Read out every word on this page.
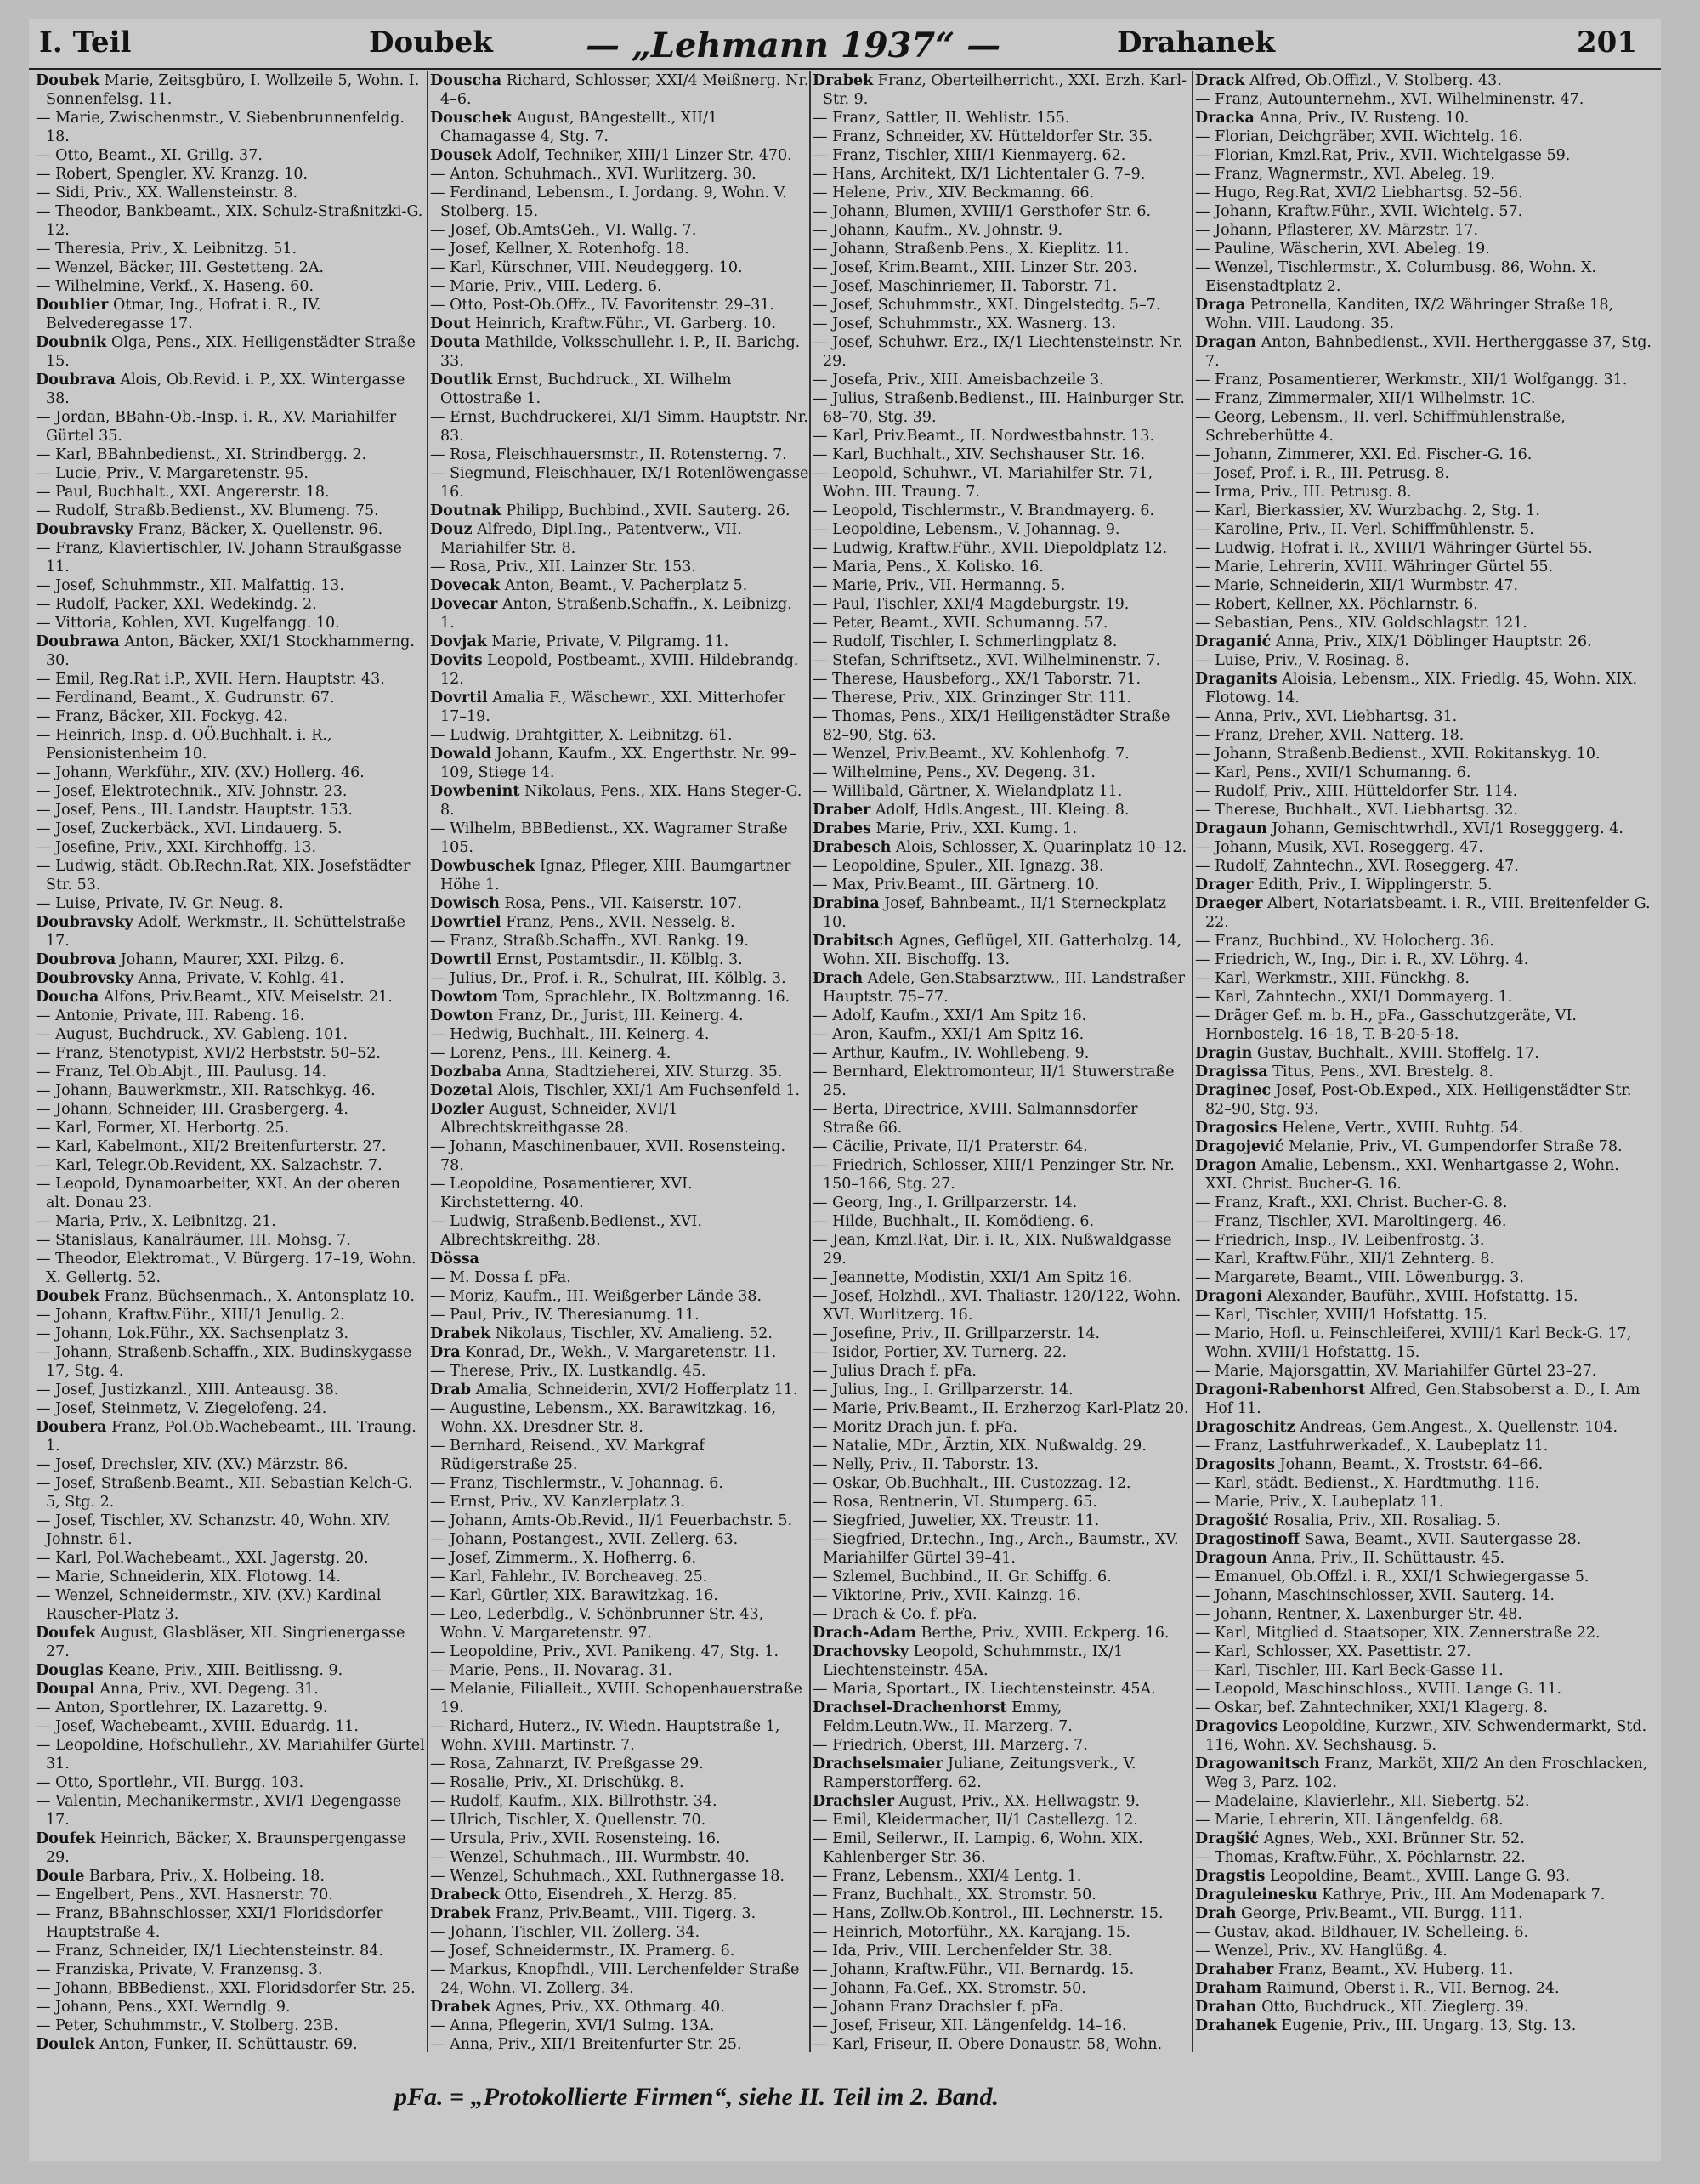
I. Teil	Doubek	— „Lehmann 1937“ —	Drahanek	201

Doubek Marie, Zeitsgbüro, I. Wollzeile 5, Wohn. I. Sonnenfelsg. 11.

— Marie, Zwischenmstr., V. Siebenbrunnenfeldg. 18.

— Otto, Beamt., XI. Grillg. 37.

— Robert, Spengler, XV. Kranzg. 10.

— Sidi, Priv., XX. Wallensteinstr. 8.

— Theodor, Bankbeamt., XIX. Schulz-Straßnitzki-G. 12.

— Theresia, Priv., X. Leibnitzg. 51.

— Wenzel, Bäcker, III. Gestetteng. 2A.

— Wilhelmine, Verkf., X. Haseng. 60.

Doublier Otmar, Ing., Hofrat i. R., IV. Belvederegasse 17.

Doubnik Olga, Pens., XIX. Heiligenstädter Straße 15.

Doubrava Alois, Ob.Revid. i. P., XX. Wintergasse 38.

— Jordan, BBahn-Ob.-Insp. i. R., XV. Mariahilfer Gürtel 35.

— Karl, BBahnbedienst., XI. Strindbergg. 2.

— Lucie, Priv., V. Margaretenstr. 95.

— Paul, Buchhalt., XXI. Angererstr. 18.

— Rudolf, Straßb.Bedienst., XV. Blumeng. 75.

Doubravsky Franz, Bäcker, X. Quellenstr. 96.

— Franz, Klaviertischler, IV. Johann Straußgasse 11.

— Josef, Schuhmmstr., XII. Malfattig. 13.

— Rudolf, Packer, XXI. Wedekindg. 2.

— Vittoria, Kohlen, XVI. Kugelfangg. 10.

Doubrawa Anton, Bäcker, XXI/1 Stockhammerng. 30.

— Emil, Reg.Rat i.P., XVII. Hern. Hauptstr. 43.

— Ferdinand, Beamt., X. Gudrunstr. 67.

— Franz, Bäcker, XII. Fockyg. 42.

— Heinrich, Insp. d. OÖ.Buchhalt. i. R., Pensionistenheim 10.

— Johann, Werkführ., XIV. (XV.) Hollerg. 46.

— Josef, Elektrotechnik., XIV. Johnstr. 23.

— Josef, Pens., III. Landstr. Hauptstr. 153.

— Josef, Zuckerbäck., XVI. Lindauerg. 5.

— Josefine, Priv., XXI. Kirchhoffg. 13.

— Ludwig, städt. Ob.Rechn.Rat, XIX. Josefstädter Str. 53.

— Luise, Private, IV. Gr. Neug. 8.

Doubravsky Adolf, Werkmstr., II. Schüttelstraße 17.

Doubrova Johann, Maurer, XXI. Pilzg. 6.

Doubrovsky Anna, Private, V. Kohlg. 41.

Doucha Alfons, Priv.Beamt., XIV. Meiselstr. 21.

— Antonie, Private, III. Rabeng. 16.

— August, Buchdruck., XV. Gableng. 101.

— Franz, Stenotypist, XVI/2 Herbststr. 50–52.

— Franz, Tel.Ob.Abjt., III. Paulusg. 14.

— Johann, Bauwerkmstr., XII. Ratschkyg. 46.

— Johann, Schneider, III. Grasbergerg. 4.

— Karl, Former, XI. Herbortg. 25.

— Karl, Kabelmont., XII/2 Breitenfurterstr. 27.

— Karl, Telegr.Ob.Revident, XX. Salzachstr. 7.

— Leopold, Dynamoarbeiter, XXI. An der oberen alt. Donau 23.

— Maria, Priv., X. Leibnitzg. 21.

— Stanislaus, Kanalräumer, III. Mohsg. 7.

— Theodor, Elektromat., V. Bürgerg. 17–19, Wohn. X. Gellertg. 52.

Doubek Franz, Büchsenmach., X. Antonsplatz 10.

— Johann, Kraftw.Führ., XIII/1 Jenullg. 2.

— Johann, Lok.Führ., XX. Sachsenplatz 3.

— Johann, Straßenb.Schaffn., XIX. Budinskygasse 17, Stg. 4.

— Josef, Justizkanzl., XIII. Anteausg. 38.

— Josef, Steinmetz, V. Ziegelofeng. 24.

Doubera Franz, Pol.Ob.Wachebeamt., III. Traung. 1.

— Josef, Drechsler, XIV. (XV.) Märzstr. 86.

— Josef, Straßenb.Beamt., XII. Sebastian Kelch-G. 5, Stg. 2.

— Josef, Tischler, XV. Schanzstr. 40, Wohn. XIV. Johnstr. 61.

— Karl, Pol.Wachebeamt., XXI. Jagerstg. 20.

— Marie, Schneiderin, XIX. Flotowg. 14.

— Wenzel, Schneidermstr., XIV. (XV.) Kardinal Rauscher-Platz 3.

Doufek August, Glasbläser, XII. Singrienergasse 27.

Douglas Keane, Priv., XIII. Beitlissng. 9.

Doupal Anna, Priv., XVI. Degeng. 31.

— Anton, Sportlehrer, IX. Lazarettg. 9.

— Josef, Wachebeamt., XVIII. Eduardg. 11.

— Leopoldine, Hofschullehr., XV. Mariahilfer Gürtel 31.

— Otto, Sportlehr., VII. Burgg. 103.

— Valentin, Mechanikermstr., XVI/1 Degengasse 17.

Doufek Heinrich, Bäcker, X. Braunspergengasse 29.

Doule Barbara, Priv., X. Holbeing. 18.

— Engelbert, Pens., XVI. Hasnerstr. 70.

— Franz, BBahnschlosser, XXI/1 Floridsdorfer Hauptstraße 4.

— Franz, Schneider, IX/1 Liechtensteinstr. 84.

— Franziska, Private, V. Franzensg. 3.

— Johann, BBBedienst., XXI. Floridsdorfer Str. 25.

— Johann, Pens., XXI. Werndlg. 9.

— Peter, Schuhmmstr., V. Stolberg. 23B.

Doulek Anton, Funker, II. Schüttaustr. 69.

Douscha Richard, Schlosser, XXI/4 Meißnerg. Nr. 4–6.

Douschek August, BAngestellt., XII/1 Chamagasse 4, Stg. 7.

Dousek Adolf, Techniker, XIII/1 Linzer Str. 470.

— Anton, Schuhmach., XVI. Wurlitzerg. 30.

— Ferdinand, Lebensm., I. Jordang. 9, Wohn. V. Stolberg. 15.

— Josef, Ob.AmtsGeh., VI. Wallg. 7.

— Josef, Kellner, X. Rotenhofg. 18.

— Karl, Kürschner, VIII. Neudeggerg. 10.

— Marie, Priv., VIII. Lederg. 6.

— Otto, Post-Ob.Offz., IV. Favoritenstr. 29–31.

Dout Heinrich, Kraftw.Führ., VI. Garberg. 10.

Douta Mathilde, Volksschullehr. i. P., II. Barichg. 33.

Doutlik Ernst, Buchdruck., XI. Wilhelm Ottostraße 1.

— Ernst, Buchdruckerei, XI/1 Simm. Hauptstr. Nr. 83.

— Rosa, Fleischhauersmstr., II. Rotensterng. 7.

— Siegmund, Fleischhauer, IX/1 Rotenlöwengasse 16.

Doutnak Philipp, Buchbind., XVII. Sauterg. 26.

Douz Alfredo, Dipl.Ing., Patentverw., VII. Mariahilfer Str. 8.

— Rosa, Priv., XII. Lainzer Str. 153.

Dovecak Anton, Beamt., V. Pacherplatz 5.

Dovecar Anton, Straßenb.Schaffn., X. Leibnizg. 1.

Dovjak Marie, Private, V. Pilgramg. 11.

Dovits Leopold, Postbeamt., XVIII. Hildebrandg. 12.

Dovrtil Amalia F., Wäschewr., XXI. Mitterhofer 17–19.

— Ludwig, Drahtgitter, X. Leibnitzg. 61.

Dowald Johann, Kaufm., XX. Engerthstr. Nr. 99–109, Stiege 14.

Dowbenint Nikolaus, Pens., XIX. Hans Steger-G. 8.

— Wilhelm, BBBedienst., XX. Wagramer Straße 105.

Dowbuschek Ignaz, Pfleger, XIII. Baumgartner Höhe 1.

Dowisch Rosa, Pens., VII. Kaiserstr. 107.

Dowrtiel Franz, Pens., XVII. Nesselg. 8.

— Franz, Straßb.Schaffn., XVI. Rankg. 19.

Dowrtil Ernst, Postamtsdir., II. Kölblg. 3.

— Julius, Dr., Prof. i. R., Schulrat, III. Kölblg. 3.

Dowtom Tom, Sprachlehr., IX. Boltzmanng. 16.

Dowton Franz, Dr., Jurist, III. Keinerg. 4.

— Hedwig, Buchhalt., III. Keinerg. 4.

— Lorenz, Pens., III. Keinerg. 4.

Dozbaba Anna, Stadtzieherei, XIV. Sturzg. 35.

Dozetal Alois, Tischler, XXI/1 Am Fuchsenfeld 1.

Dozler August, Schneider, XVI/1 Albrechtskreithgasse 28.

— Johann, Maschinenbauer, XVII. Rosensteing. 78.

— Leopoldine, Posamentierer, XVI. Kirchstetterng. 40.

— Ludwig, Straßenb.Bedienst., XVI. Albrechtskreithg. 28.

Dössa

— M. Dossa f. pFa.

— Moriz, Kaufm., III. Weißgerber Lände 38.

— Paul, Priv., IV. Theresianumg. 11.

Drabek Nikolaus, Tischler, XV. Amalieng. 52.

Dra Konrad, Dr., Wekh., V. Margaretenstr. 11.

— Therese, Priv., IX. Lustkandlg. 45.

Drab Amalia, Schneiderin, XVI/2 Hofferplatz 11.

— Augustine, Lebensm., XX. Barawitzkag. 16, Wohn. XX. Dresdner Str. 8.

— Bernhard, Reisend., XV. Markgraf Rüdigerstraße 25.

— Franz, Tischlermstr., V. Johannag. 6.

— Ernst, Priv., XV. Kanzlerplatz 3.

— Johann, Amts-Ob.Revid., II/1 Feuerbachstr. 5.

— Johann, Postangest., XVII. Zellerg. 63.

— Josef, Zimmerm., X. Hofherrg. 6.

— Karl, Fahlehr., IV. Borcheaveg. 25.

— Karl, Gürtler, XIX. Barawitzkag. 16.

— Leo, Lederbdlg., V. Schönbrunner Str. 43, Wohn. V. Margaretenstr. 97.

— Leopoldine, Priv., XVI. Panikeng. 47, Stg. 1.

— Marie, Pens., II. Novarag. 31.

— Melanie, Filialleit., XVIII. Schopenhauerstraße 19.

— Richard, Huterz., IV. Wiedn. Hauptstraße 1, Wohn. XVIII. Martinstr. 7.

— Rosa, Zahnarzt, IV. Preßgasse 29.

— Rosalie, Priv., XI. Drischükg. 8.

— Rudolf, Kaufm., XIX. Billrothstr. 34.

— Ulrich, Tischler, X. Quellenstr. 70.

— Ursula, Priv., XVII. Rosensteing. 16.

— Wenzel, Schuhmach., III. Wurmbstr. 40.

— Wenzel, Schuhmach., XXI. Ruthnergasse 18.

Drabeck Otto, Eisendreh., X. Herzg. 85.

Drabek Franz, Priv.Beamt., VIII. Tigerg. 3.

— Johann, Tischler, VII. Zollerg. 34.

— Josef, Schneidermstr., IX. Pramerg. 6.

— Markus, Knopfhdl., VIII. Lerchenfelder Straße 24, Wohn. VI. Zollerg. 34.

Drabek Agnes, Priv., XX. Othmarg. 40.

— Anna, Pflegerin, XVI/1 Sulmg. 13A.

— Anna, Priv., XII/1 Breitenfurter Str. 25.

Drabek Franz, Oberteilherricht., XXI. Erzh. Karl-Str. 9.

— Franz, Sattler, II. Wehlistr. 155.

— Franz, Schneider, XV. Hütteldorfer Str. 35.

— Franz, Tischler, XIII/1 Kienmayerg. 62.

— Hans, Architekt, IX/1 Lichtentaler G. 7–9.

— Helene, Priv., XIV. Beckmanng. 66.

— Johann, Blumen, XVIII/1 Gersthofer Str. 6.

— Johann, Kaufm., XV. Johnstr. 9.

— Johann, Straßenb.Pens., X. Kieplitz. 11.

— Josef, Krim.Beamt., XIII. Linzer Str. 203.

— Josef, Maschinriemer, II. Taborstr. 71.

— Josef, Schuhmmstr., XXI. Dingelstedtg. 5–7.

— Josef, Schuhmmstr., XX. Wasnerg. 13.

— Josef, Schuhwr. Erz., IX/1 Liechtensteinstr. Nr. 29.

— Josefa, Priv., XIII. Ameisbachzeile 3.

— Julius, Straßenb.Bedienst., III. Hainburger Str. 68–70, Stg. 39.

— Karl, Priv.Beamt., II. Nordwestbahnstr. 13.

— Karl, Buchhalt., XIV. Sechshauser Str. 16.

— Leopold, Schuhwr., VI. Mariahilfer Str. 71, Wohn. III. Traung. 7.

— Leopold, Tischlermstr., V. Brandmayerg. 6.

— Leopoldine, Lebensm., V. Johannag. 9.

— Ludwig, Kraftw.Führ., XVII. Diepoldplatz 12.

— Maria, Pens., X. Kolisko. 16.

— Marie, Priv., VII. Hermanng. 5.

— Paul, Tischler, XXI/4 Magdeburgstr. 19.

— Peter, Beamt., XVII. Schumanng. 57.

— Rudolf, Tischler, I. Schmerlingplatz 8.

— Stefan, Schriftsetz., XVI. Wilhelminenstr. 7.

— Therese, Hausbeforg., XX/1 Taborstr. 71.

— Therese, Priv., XIX. Grinzinger Str. 111.

— Thomas, Pens., XIX/1 Heiligenstädter Straße 82–90, Stg. 63.

— Wenzel, Priv.Beamt., XV. Kohlenhofg. 7.

— Wilhelmine, Pens., XV. Degeng. 31.

— Willibald, Gärtner, X. Wielandplatz 11.

Draber Adolf, Hdls.Angest., III. Kleing. 8.

Drabes Marie, Priv., XXI. Kumg. 1.

Drabesch Alois, Schlosser, X. Quarinplatz 10–12.

— Leopoldine, Spuler., XII. Ignazg. 38.

— Max, Priv.Beamt., III. Gärtnerg. 10.

Drabina Josef, Bahnbeamt., II/1 Sterneckplatz 10.

Drabitsch Agnes, Geflügel, XII. Gatterholzg. 14, Wohn. XII. Bischoffg. 13.

Drach Adele, Gen.Stabsarztww., III. Landstraßer Hauptstr. 75–77.

— Adolf, Kaufm., XXI/1 Am Spitz 16.

— Aron, Kaufm., XXI/1 Am Spitz 16.

— Arthur, Kaufm., IV. Wohllebeng. 9.

— Bernhard, Elektromonteur, II/1 Stuwerstraße 25.

— Berta, Directrice, XVIII. Salmannsdorfer Straße 66.

— Cäcilie, Private, II/1 Praterstr. 64.

— Friedrich, Schlosser, XIII/1 Penzinger Str. Nr. 150–166, Stg. 27.

— Georg, Ing., I. Grillparzerstr. 14.

— Hilde, Buchhalt., II. Komödieng. 6.

— Jean, Kmzl.Rat, Dir. i. R., XIX. Nußwaldgasse 29.

— Jeannette, Modistin, XXI/1 Am Spitz 16.

— Josef, Holzhdl., XVI. Thaliastr. 120/122, Wohn. XVI. Wurlitzerg. 16.

— Josefine, Priv., II. Grillparzerstr. 14.

— Isidor, Portier, XV. Turnerg. 22.

— Julius Drach f. pFa.

— Julius, Ing., I. Grillparzerstr. 14.

— Marie, Priv.Beamt., II. Erzherzog Karl-Platz 20.

— Moritz Drach jun. f. pFa.

— Natalie, MDr., Ärztin, XIX. Nußwaldg. 29.

— Nelly, Priv., II. Taborstr. 13.

— Oskar, Ob.Buchhalt., III. Custozzag. 12.

— Rosa, Rentnerin, VI. Stumperg. 65.

— Siegfried, Juwelier, XX. Treustr. 11.

— Siegfried, Dr.techn., Ing., Arch., Baumstr., XV. Mariahilfer Gürtel 39–41.

— Szlemel, Buchbind., II. Gr. Schiffg. 6.

— Viktorine, Priv., XVII. Kainzg. 16.

— Drach & Co. f. pFa.

Drach-Adam Berthe, Priv., XVIII. Eckperg. 16.

Drachovsky Leopold, Schuhmmstr., IX/1 Liechtensteinstr. 45A.

— Maria, Sportart., IX. Liechtensteinstr. 45A.

Drachsel-Drachenhorst Emmy, Feldm.Leutn.Ww., II. Marzerg. 7.

— Friedrich, Oberst, III. Marzerg. 7.

Drachselsmaier Juliane, Zeitungsverk., V. Ramperstorfferg. 62.

Drachsler August, Priv., XX. Hellwagstr. 9.

— Emil, Kleidermacher, II/1 Castellezg. 12.

— Emil, Seilerwr., II. Lampig. 6, Wohn. XIX. Kahlenberger Str. 36.

— Franz, Lebensm., XXI/4 Lentg. 1.

— Franz, Buchhalt., XX. Stromstr. 50.

— Hans, Zollw.Ob.Kontrol., III. Lechnerstr. 15.

— Heinrich, Motorführ., XX. Karajang. 15.

— Ida, Priv., VIII. Lerchenfelder Str. 38.

— Johann, Kraftw.Führ., VII. Bernardg. 15.

— Johann, Fa.Gef., XX. Stromstr. 50.

— Johann Franz Drachsler f. pFa.

— Josef, Friseur, XII. Längenfeldg. 14–16.

— Karl, Friseur, II. Obere Donaustr. 58, Wohn.

Drack Alfred, Ob.Offizl., V. Stolberg. 43.

— Franz, Autounternehm., XVI. Wilhelminenstr. 47.

Dracka Anna, Priv., IV. Rusteng. 10.

— Florian, Deichgräber, XVII. Wichtelg. 16.

— Florian, Kmzl.Rat, Priv., XVII. Wichtelgasse 59.

— Franz, Wagnermstr., XVI. Abeleg. 19.

— Hugo, Reg.Rat, XVI/2 Liebhartsg. 52–56.

— Johann, Kraftw.Führ., XVII. Wichtelg. 57.

— Johann, Pflasterer, XV. Märzstr. 17.

— Pauline, Wäscherin, XVI. Abeleg. 19.

— Wenzel, Tischlermstr., X. Columbusg. 86, Wohn. X. Eisenstadtplatz 2.

Draga Petronella, Kanditen, IX/2 Währinger Straße 18, Wohn. VIII. Laudong. 35.

Dragan Anton, Bahnbedienst., XVII. Hertherggasse 37, Stg. 7.

— Franz, Posamentierer, Werkmstr., XII/1 Wolfgangg. 31.

— Franz, Zimmermaler, XII/1 Wilhelmstr. 1C.

— Georg, Lebensm., II. verl. Schiffmühlenstraße, Schreberhütte 4.

— Johann, Zimmerer, XXI. Ed. Fischer-G. 16.

— Josef, Prof. i. R., III. Petrusg. 8.

— Irma, Priv., III. Petrusg. 8.

— Karl, Bierkassier, XV. Wurzbachg. 2, Stg. 1.

— Karoline, Priv., II. Verl. Schiffmühlenstr. 5.

— Ludwig, Hofrat i. R., XVIII/1 Währinger Gürtel 55.

— Marie, Lehrerin, XVIII. Währinger Gürtel 55.

— Marie, Schneiderin, XII/1 Wurmbstr. 47.

— Robert, Kellner, XX. Pöchlarnstr. 6.

— Sebastian, Pens., XIV. Goldschlagstr. 121.

Draganić Anna, Priv., XIX/1 Döblinger Hauptstr. 26.

— Luise, Priv., V. Rosinag. 8.

Draganits Aloisia, Lebensm., XIX. Friedlg. 45, Wohn. XIX. Flotowg. 14.

— Anna, Priv., XVI. Liebhartsg. 31.

— Franz, Dreher, XVII. Natterg. 18.

— Johann, Straßenb.Bedienst., XVII. Rokitanskyg. 10.

— Karl, Pens., XVII/1 Schumanng. 6.

— Rudolf, Priv., XIII. Hütteldorfer Str. 114.

— Therese, Buchhalt., XVI. Liebhartsg. 32.

Dragaun Johann, Gemischtwrhdl., XVI/1 Rosegggerg. 4.

— Johann, Musik, XVI. Roseggerg. 47.

— Rudolf, Zahntechn., XVI. Roseggerg. 47.

Drager Edith, Priv., I. Wipplingerstr. 5.

Draeger Albert, Notariatsbeamt. i. R., VIII. Breitenfelder G. 22.

— Franz, Buchbind., XV. Holocherg. 36.

— Friedrich, W., Ing., Dir. i. R., XV. Löhrg. 4.

— Karl, Werkmstr., XIII. Fünckhg. 8.

— Karl, Zahntechn., XXI/1 Dommayerg. 1.

— Dräger Gef. m. b. H., pFa., Gasschutzgeräte, VI. Hornbostelg. 16–18, T. B-20-5-18.

Dragin Gustav, Buchhalt., XVIII. Stoffelg. 17.

Dragissa Titus, Pens., XVI. Brestelg. 8.

Draginec Josef, Post-Ob.Exped., XIX. Heiligenstädter Str. 82–90, Stg. 93.

Dragosics Helene, Vertr., XVIII. Ruhtg. 54.

Dragojević Melanie, Priv., VI. Gumpendorfer Straße 78.

Dragon Amalie, Lebensm., XXI. Wenhartgasse 2, Wohn. XXI. Christ. Bucher-G. 16.

— Franz, Kraft., XXI. Christ. Bucher-G. 8.

— Franz, Tischler, XVI. Maroltingerg. 46.

— Friedrich, Insp., IV. Leibenfrostg. 3.

— Karl, Kraftw.Führ., XII/1 Zehnterg. 8.

— Margarete, Beamt., VIII. Löwenburgg. 3.

Dragoni Alexander, Bauführ., XVIII. Hofstattg. 15.

— Karl, Tischler, XVIII/1 Hofstattg. 15.

— Mario, Hofl. u. Feinschleiferei, XVIII/1 Karl Beck-G. 17, Wohn. XVIII/1 Hofstattg. 15.

— Marie, Majorsgattin, XV. Mariahilfer Gürtel 23–27.

Dragoni-Rabenhorst Alfred, Gen.Stabsoberst a. D., I. Am Hof 11.

Dragoschitz Andreas, Gem.Angest., X. Quellenstr. 104.

— Franz, Lastfuhrwerkadef., X. Laubeplatz 11.

Dragosits Johann, Beamt., X. Troststr. 64–66.

— Karl, städt. Bedienst., X. Hardtmuthg. 116.

— Marie, Priv., X. Laubeplatz 11.

Dragošić Rosalia, Priv., XII. Rosaliag. 5.

Dragostinoff Sawa, Beamt., XVII. Sautergasse 28.

Dragoun Anna, Priv., II. Schüttaustr. 45.

— Emanuel, Ob.Offzl. i. R., XXI/1 Schwiegergasse 5.

— Johann, Maschinschlosser, XVII. Sauterg. 14.

— Johann, Rentner, X. Laxenburger Str. 48.

— Karl, Mitglied d. Staatsoper, XIX. Zennerstraße 22.

— Karl, Schlosser, XX. Pasettistr. 27.

— Karl, Tischler, III. Karl Beck-Gasse 11.

— Leopold, Maschinschloss., XVIII. Lange G. 11.

— Oskar, bef. Zahntechniker, XXI/1 Klagerg. 8.

Dragovics Leopoldine, Kurzwr., XIV. Schwendermarkt, Std. 116, Wohn. XV. Sechshausg. 5.

Dragowanitsch Franz, Marköt, XII/2 An den Froschlacken, Weg 3, Parz. 102.

— Madelaine, Klavierlehr., XII. Siebertg. 52.

— Marie, Lehrerin, XII. Längenfeldg. 68.

Dragšić Agnes, Web., XXI. Brünner Str. 52.

— Thomas, Kraftw.Führ., X. Pöchlarnstr. 22.

Dragstis Leopoldine, Beamt., XVIII. Lange G. 93.

Draguleinesku Kathrye, Priv., III. Am Modenapark 7.

Drah George, Priv.Beamt., VII. Burgg. 111.

— Gustav, akad. Bildhauer, IV. Schelleing. 6.

— Wenzel, Priv., XV. Hanglüßg. 4.

Drahaber Franz, Beamt., XV. Huberg. 11.

Draham Raimund, Oberst i. R., VII. Bernog. 24.

Drahan Otto, Buchdruck., XII. Zieglerg. 39.

Drahanek Eugenie, Priv., III. Ungarg. 13, Stg. 13.

pFa. = „Protokollierte Firmen“, siehe II. Teil im 2. Band.
